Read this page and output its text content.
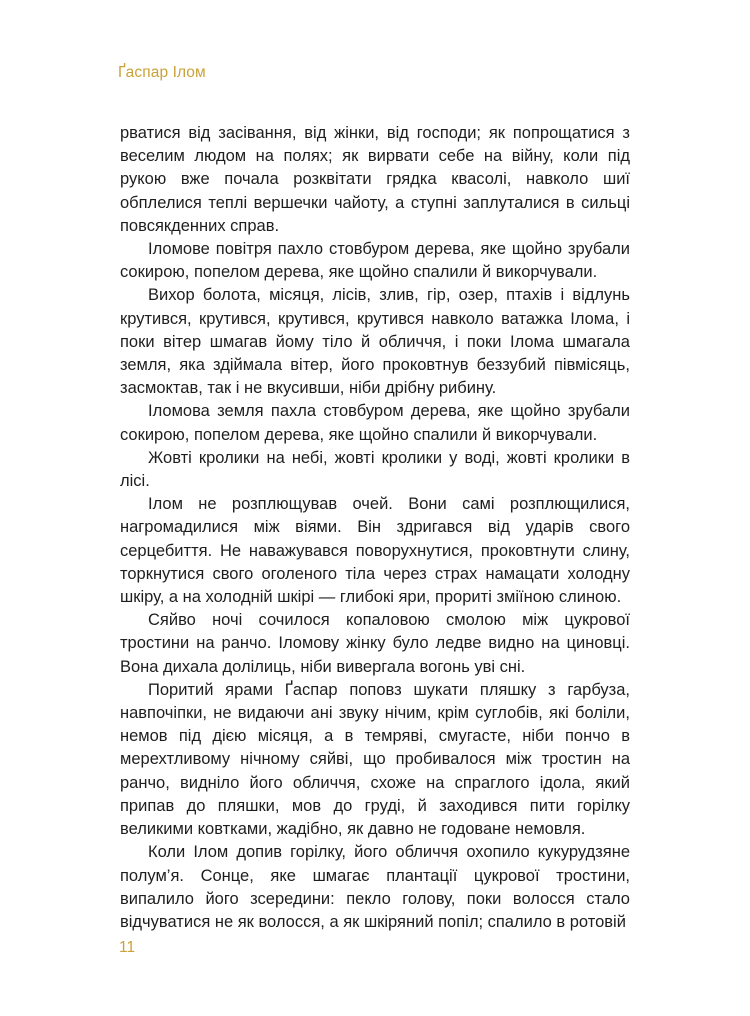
Ґаспар Ілом

рватися від засівання, від жінки, від господи; як попрощатися з веселим людом на полях; як вирвати себе на війну, коли під рукою вже почала розквітати грядка квасолі, навколо шиї обплелися теплі вершечки чайоту, а ступні заплуталися в сильці повсякденних справ.

Іломове повітря пахло стовбуром дерева, яке щойно зрубали сокирою, попелом дерева, яке щойно спалили й викорчували.

Вихор болота, місяця, лісів, злив, гір, озер, птахів і відлунь крутився, крутився, крутився, крутився навколо ватажка Ілома, і поки вітер шмагав йому тіло й обличчя, і поки Ілома шмагала земля, яка здіймала вітер, його проковтнув беззубий півмісяць, засмоктав, так і не вкусивши, ніби дрібну рибину.

Іломова земля пахла стовбуром дерева, яке щойно зрубали сокирою, попелом дерева, яке щойно спалили й викорчували.

Жовті кролики на небі, жовті кролики у воді, жовті кролики в лісі.

Ілом не розплющував очей. Вони самі розплющилися, нагромадилися між віями. Він здригався від ударів свого серцебиття. Не наважувався поворухнутися, проковтнути слину, торкнутися свого оголеного тіла через страх намацати холодну шкіру, а на холодній шкірі — глибокі яри, прориті зміїною слиною.

Сяйво ночі сочилося копаловою смолою між цукрової тростини на ранчо. Іломову жінку було ледве видно на циновці. Вона дихала долілиць, ніби вивергала вогонь уві сні.

Поритий ярами Ґаспар поповз шукати пляшку з гарбуза, навпочіпки, не видаючи ані звуку нічим, крім суглобів, які боліли, немов під дією місяця, а в темряві, смугасте, ніби пончо в мерехтливому нічному сяйві, що пробивалося між тростин на ранчо, видніло його обличчя, схоже на спраглого ідола, який припав до пляшки, мов до груді, й заходився пити горілку великими ковтками, жадібно, як давно не годоване немовля.

Коли Ілом допив горілку, його обличчя охопило кукурудзяне полум’я. Сонце, яке шмагає плантації цукрової тростини, випалило його зсередини: пекло голову, поки волосся стало відчуватися не як волосся, а як шкіряний попіл; спалило в ротовій

11
